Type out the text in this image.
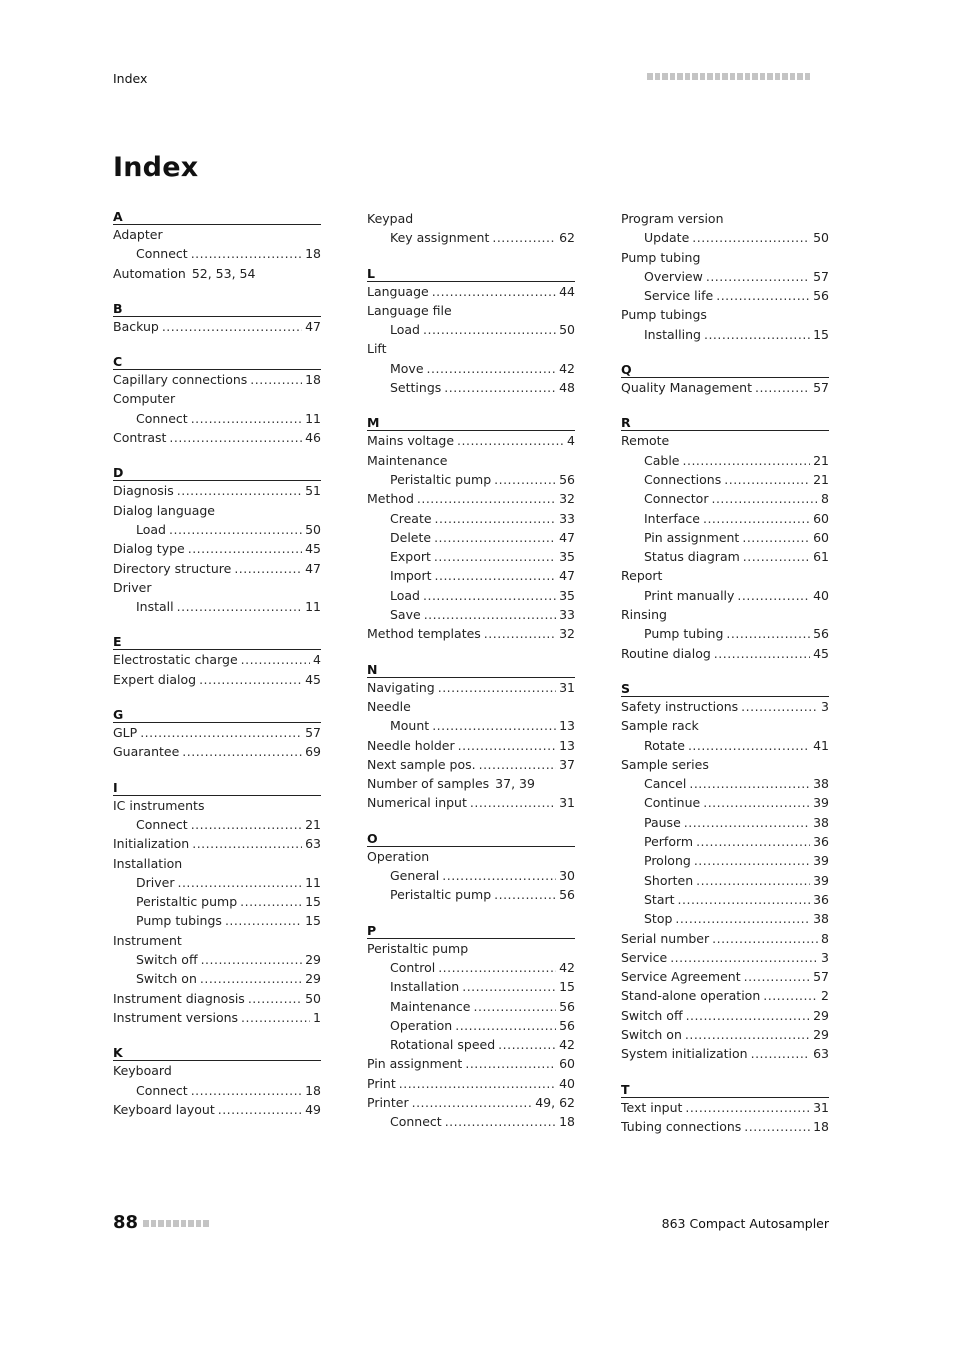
Index
Index
A
Adapter
Connect .....	18
Automation 52, 53, 54
B
Backup .....	47
C
Capillary connections .....	18
Computer
Connect .....	11
Contrast .....	46
D
Diagnosis .....	51
Dialog language
Load .....	50
Dialog type .....	45
Directory structure .....	47
Driver
Install .....	11
E
Electrostatic charge .....	4
Expert dialog .....	45
G
GLP .....	57
Guarantee .....	69
I
IC instruments
Connect .....	21
Initialization .....	63
Installation
Driver .....	11
Peristaltic pump .....	15
Pump tubings .....	15
Instrument
Switch off .....	29
Switch on .....	29
Instrument diagnosis .....	50
Instrument versions .....	1
K
Keyboard
Connect .....	18
Keyboard layout .....	49
Keypad
Key assignment .....	62
L
Language .....	44
Language file
Load .....	50
Lift
Move .....	42
Settings .....	48
M
Mains voltage .....	4
Maintenance
Peristaltic pump .....	56
Method .....	32
Create .....	33
Delete .....	47
Export .....	35
Import .....	47
Load .....	35
Save .....	33
Method templates .....	32
N
Navigating .....	31
Needle
Mount .....	13
Needle holder .....	13
Next sample pos. .....	37
Number of samples 37, 39
Numerical input .....	31
O
Operation
General .....	30
Peristaltic pump .....	56
P
Peristaltic pump
Control .....	42
Installation .....	15
Maintenance .....	56
Operation .....	56
Rotational speed .....	42
Pin assignment .....	60
Print .....	40
Printer .....	49, 62
Connect .....	18
Program version
Update .....	50
Pump tubing
Overview .....	57
Service life .....	56
Pump tubings
Installing .....	15
Q
Quality Management .....	57
R
Remote
Cable .....	21
Connections .....	21
Connector .....	8
Interface .....	60
Pin assignment .....	60
Status diagram .....	61
Report
Print manually .....	40
Rinsing
Pump tubing .....	56
Routine dialog .....	45
S
Safety instructions .....	3
Sample rack
Rotate .....	41
Sample series
Cancel .....	38
Continue .....	39
Pause .....	38
Perform .....	36
Prolong .....	39
Shorten .....	39
Start .....	36
Stop .....	38
Serial number .....	8
Service .....	3
Service Agreement .....	57
Stand-alone operation .....	2
Switch off .....	29
Switch on .....	29
System initialization .....	63
T
Text input .....	31
Tubing connections .....	18
88	863 Compact Autosampler
